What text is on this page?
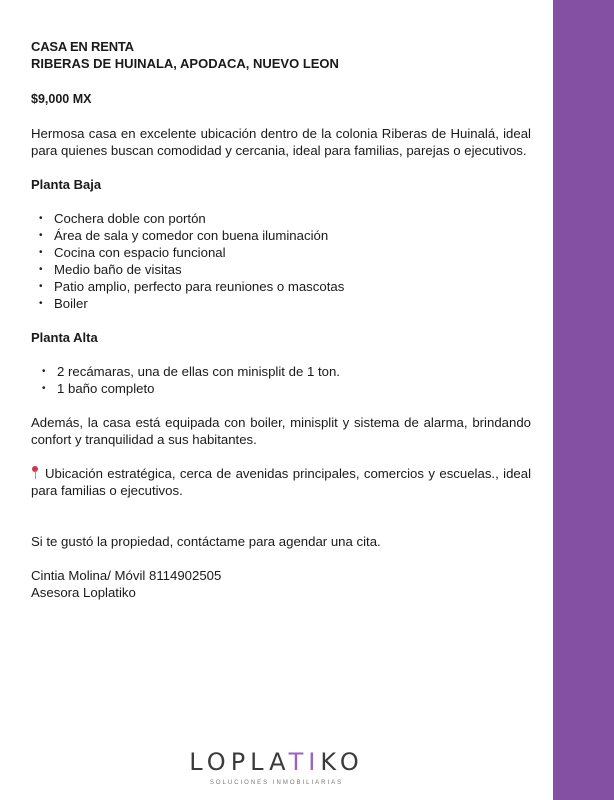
CASA EN RENTA
RIBERAS DE HUINALA, APODACA, NUEVO LEON
$9,000 MX
Hermosa casa en excelente ubicación dentro de la colonia Riberas de Huinalá, ideal para quienes buscan comodidad y cercania, ideal para familias, parejas o ejecutivos.
Planta Baja
• Cochera doble con portón
• Área de sala y comedor con buena iluminación
• Cocina con espacio funcional
• Medio baño de visitas
• Patio amplio, perfecto para reuniones o mascotas
• Boiler
Planta Alta
• 2 recámaras, una de ellas con minisplit de 1 ton.
• 1 baño completo
Además, la casa está equipada con boiler, minisplit y sistema de alarma, brindando confort y tranquilidad a sus habitantes.
Ubicación estratégica, cerca de avenidas principales, comercios y escuelas., ideal para familias o ejecutivos.
Si te gustó la propiedad, contáctame para agendar una cita.
Cintia Molina/ Móvil 8114902505
Asesora Loplatiko
LOPLATIKO
SOLUCIONES INMOBILIARIAS
